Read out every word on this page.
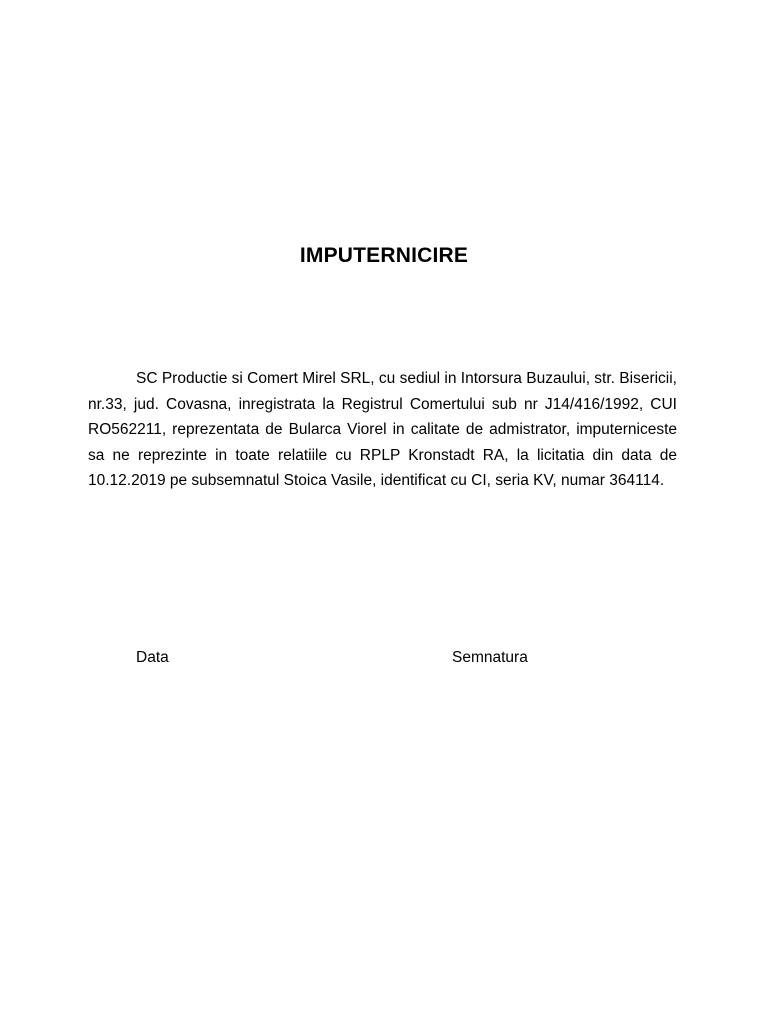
IMPUTERNICIRE

SC Productie si Comert Mirel SRL, cu sediul in Intorsura Buzaului, str. Bisericii, nr.33, jud. Covasna, inregistrata la Registrul Comertului sub nr J14/416/1992, CUI RO562211, reprezentata de Bularca Viorel in calitate de admistrator, imputerniceste sa ne reprezinte in toate relatiile cu RPLP Kronstadt RA, la licitatia din data de 10.12.2019 pe subsemnatul Stoica Vasile, identificat cu CI, seria KV, numar 364114.

Data	Semnatura
